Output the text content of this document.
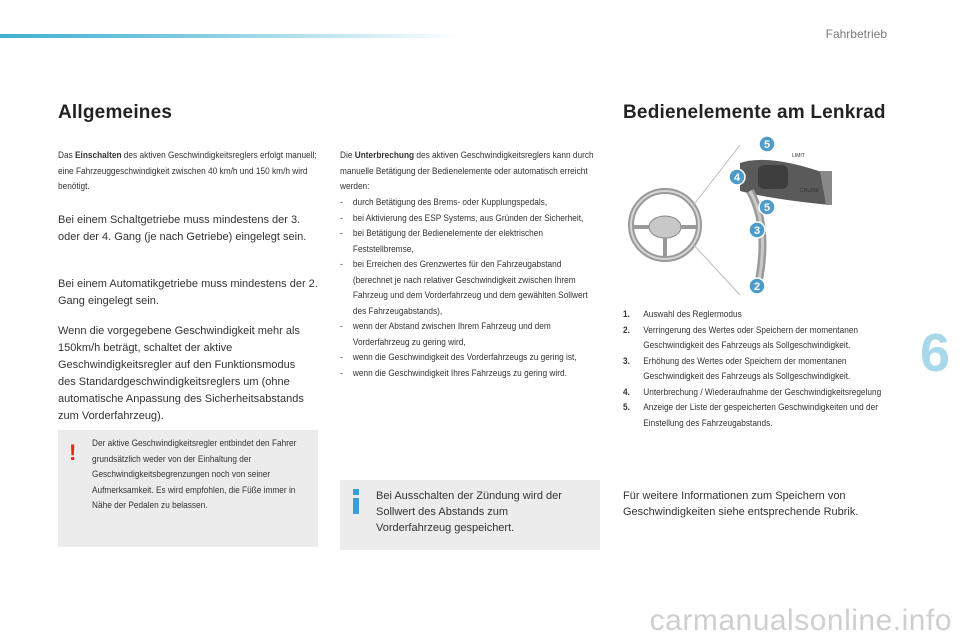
Fahrbetrieb
Allgemeines
Das Einschalten des aktiven Geschwindigkeitsreglers erfolgt manuell; eine Fahrzeuggeschwindigkeit zwischen 40 km/h und 150 km/h wird benötigt.
Bei einem Schaltgetriebe muss mindestens der 3. oder der 4. Gang (je nach Getriebe) eingelegt sein.
Bei einem Automatikgetriebe muss mindestens der 2. Gang eingelegt sein.
Wenn die vorgegebene Geschwindigkeit mehr als 150km/h beträgt, schaltet der aktive Geschwindigkeitsregler auf den Funktionsmodus des Standardgeschwindigkeitsreglers um (ohne automatische Anpassung des Sicherheitsabstands zum Vorderfahrzeug).
! Der aktive Geschwindigkeitsregler entbindet den Fahrer grundsätzlich weder von der Einhaltung der Geschwindigkeitsbegrenzungen noch von seiner Aufmerksamkeit. Es wird empfohlen, die Füße immer in Nähe der Pedalen zu belassen.
Die Unterbrechung des aktiven Geschwindigkeitsreglers kann durch manuelle Betätigung der Bedienelemente oder automatisch erreicht werden:
- durch Betätigung des Brems- oder Kupplungspedals,
- bei Aktivierung des ESP Systems, aus Gründen der Sicherheit,
- bei Betätigung der Bedienelemente der elektrischen Feststellbremse,
- bei Erreichen des Grenzwertes für den Fahrzeugabstand (berechnet je nach relativer Geschwindigkeit zwischen Ihrem Fahrzeug und dem Vorderfahrzeug und dem gewählten Sollwert des Fahrzeugabstands),
- wenn der Abstand zwischen Ihrem Fahrzeug und dem Vorderfahrzeug zu gering wird,
- wenn die Geschwindigkeit des Vorderfahrzeugs zu gering ist,
- wenn die Geschwindigkeit Ihres Fahrzeugs zu gering wird.
Bei Ausschalten der Zündung wird der Sollwert des Abstands zum Vorderfahrzeug gespeichert.
Bedienelemente am Lenkrad
LIMIT
CRUISE
5
4
5
3
2
1. Auswahl des Reglermodus
2. Verringerung des Wertes oder Speichern der momentanen Geschwindigkeit des Fahrzeugs als Sollgeschwindigkeit.
3. Erhöhung des Wertes oder Speichern der momentanen Geschwindigkeit des Fahrzeugs als Sollgeschwindigkeit.
4. Unterbrechung / Wiederaufnahme der Geschwindigkeitsregelung
5. Anzeige der Liste der gespeicherten Geschwindigkeiten und der Einstellung des Fahrzeugabstands.
Für weitere Informationen zum Speichern von Geschwindigkeiten siehe entsprechende Rubrik.
6
carmanualsonline.info
